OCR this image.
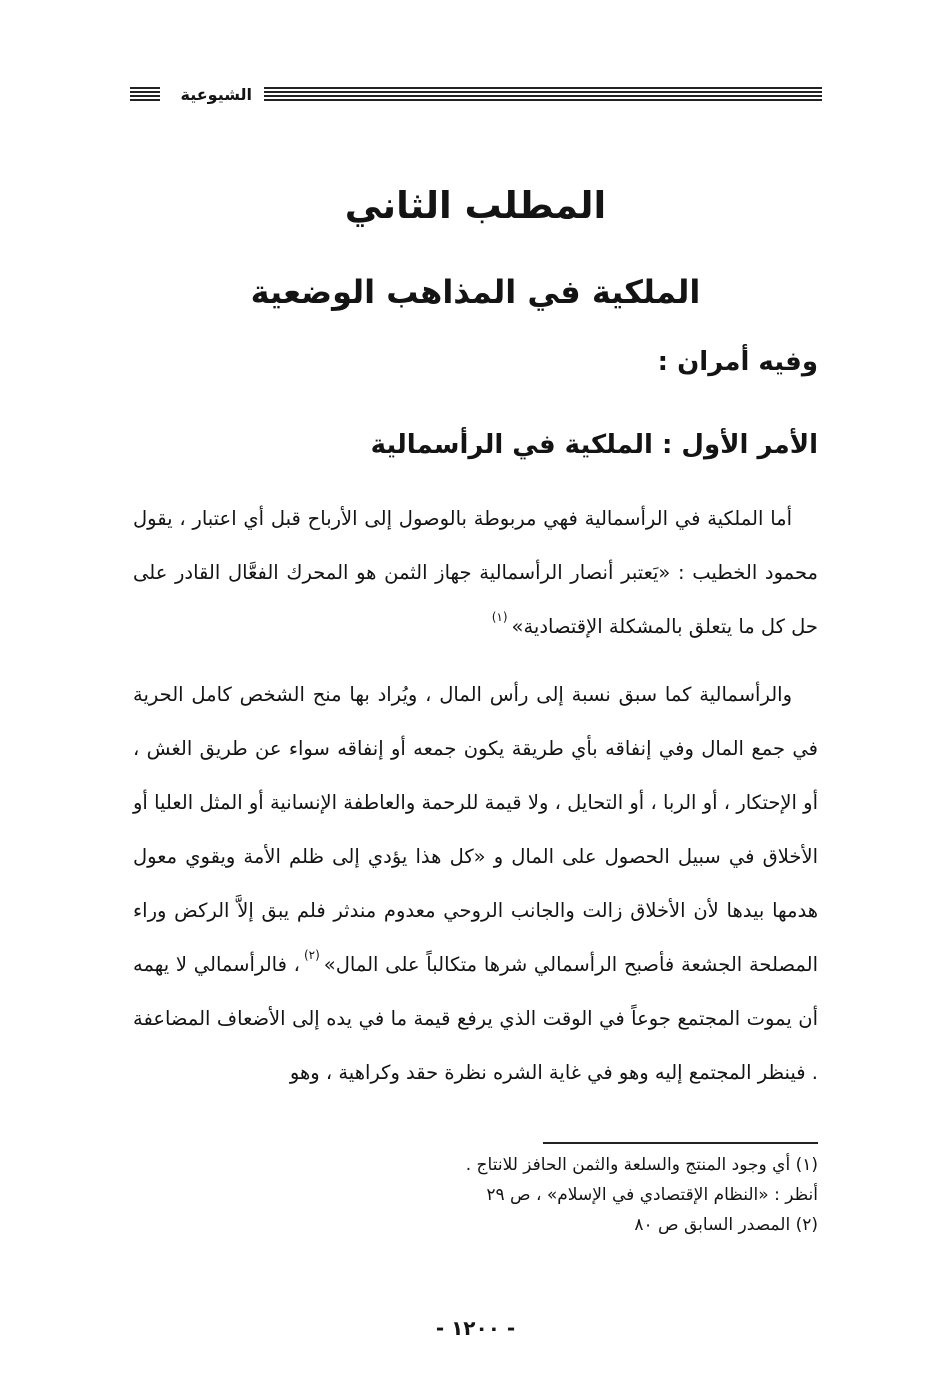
الشيوعية
المطلب الثاني
الملكية في المذاهب الوضعية
وفيه أمران :
الأمر الأول : الملكية في الرأسمالية
أما الملكية في الرأسمالية فهي مربوطة بالوصول إلى الأرباح قبل أي اعتبار ، يقول محمود الخطيب : «يَعتبر أنصار الرأسمالية جهاز الثمن هو المحرك الفعَّال القادر على حل كل ما يتعلق بالمشكلة الإقتصادية»$^{(١)}$
والرأسمالية كما سبق نسبة إلى رأس المال ، ويُراد بها منح الشخص كامل الحرية في جمع المال وفي إنفاقه بأي طريقة يكون جمعه أو إنفاقه سواء عن طريق الغش ، أو الإحتكار ، أو الربا ، أو التحايل ، ولا قيمة للرحمة والعاطفة الإنسانية أو المثل العليا أو الأخلاق في سبيل الحصول على المال و «كل هذا يؤدي إلى ظلم الأمة ويقوي معول هدمها بيدها لأن الأخلاق زالت والجانب الروحي معدوم مندثر فلم يبق إلاَّ الركض وراء المصلحة الجشعة فأصبح الرأسمالي شرها متكالباً على المال»$^{(٢)}$، فالرأسمالي لا يهمه أن يموت المجتمع جوعاً في الوقت الذي يرفع قيمة ما في يده إلى الأضعاف المضاعفة . فينظر المجتمع إليه وهو في غاية الشره نظرة حقد وكراهية ، وهو
(١) أي وجود المنتج والسلعة والثمن الحافز للانتاج .
أنظر : «النظام الإقتصادي في الإسلام» ، ص ٢٩
(٢) المصدر السابق ص ٨٠
- ١٢٠٠ -
